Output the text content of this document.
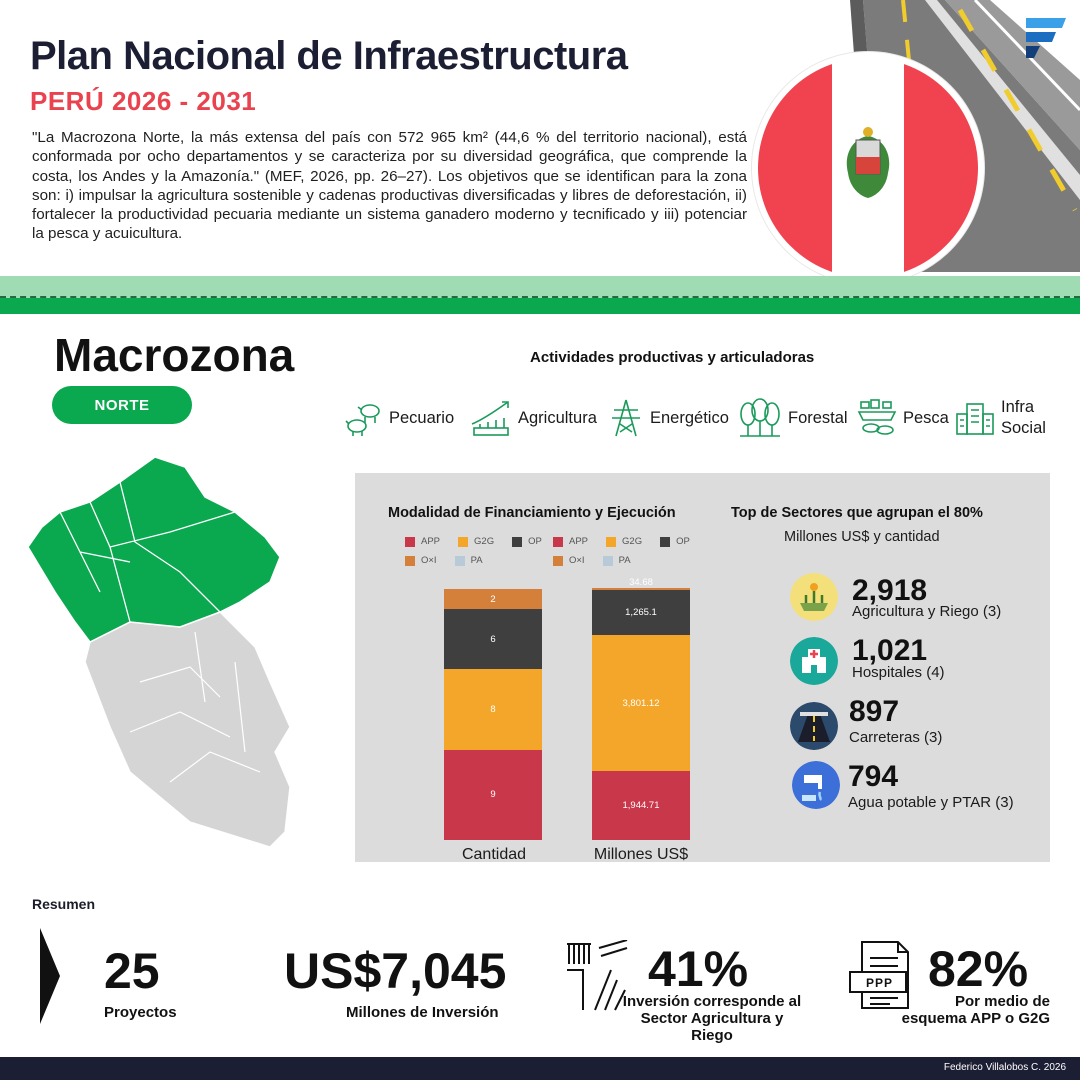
Plan Nacional de Infraestructura
PERÚ 2026 - 2031

"La Macrozona Norte, la más extensa del país con 572 965 km² (44,6 % del territorio nacional), está conformada por ocho departamentos y se caracteriza por su diversidad geográfica, que comprende la costa, los Andes y la Amazonía." (MEF, 2026, pp. 26–27). Los objetivos que se identifican para la zona son: i) impulsar la agricultura sostenible y cadenas productivas diversificadas y libres de deforestación, ii) fortalecer la productividad pecuaria mediante un sistema ganadero moderno y tecnificado y iii) potenciar la pesca y acuicultura.

Macrozona
NORTE
Actividades productivas y articuladoras
Pecuario	Agricultura	Energético	Forestal	Pesca
Infra
Social
Modalidad de Financiamiento y Ejecución	Top de Sectores que agrupan el 80%
Millones US$ y cantidad
APP	G2G	OP
O×I	PA
APP	G2G	OP
O×I	PA
9
8
6
2
1,944.71
3,801.12
1,265.1
34.68
Cantidad	Millones US$
2,918
Agricultura y Riego (3)
1,021
Hospitales (4)
897
Carreteras (3)
794
Agua potable y PTAR (3)
Resumen
25
Proyectos
US$7,045
Millones de Inversión
41%
Inversión corresponde al
Sector Agricultura y Riego
PPP 82%
Por medio de
esquema APP o G2G
Federico Villalobos C. 2026
